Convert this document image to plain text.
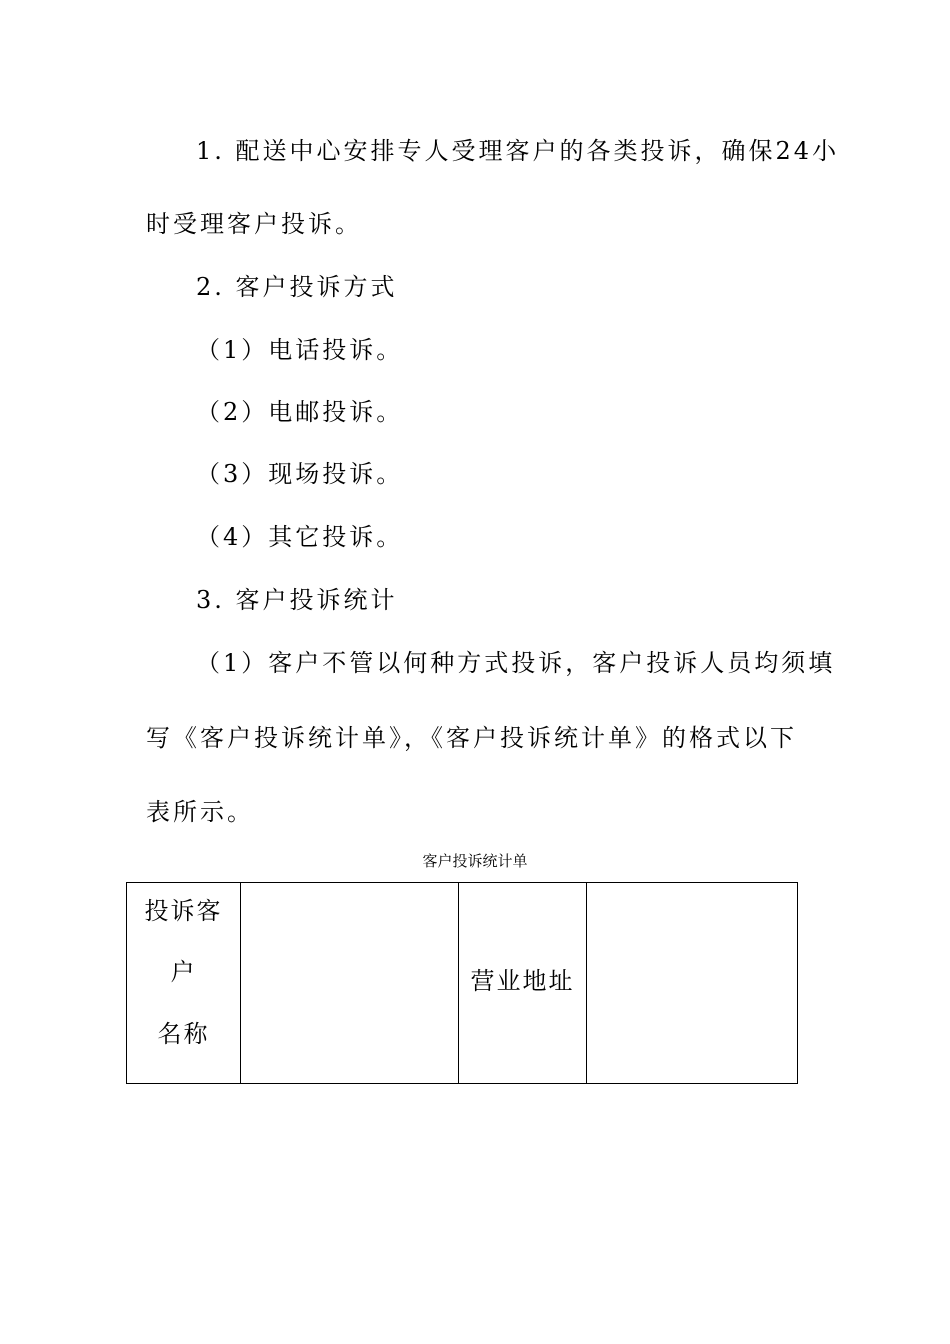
1. 配送中心安排专人受理客户的各类投诉，确保24小
时受理客户投诉。
2. 客户投诉方式
（1）电话投诉。
（2）电邮投诉。
（3）现场投诉。
（4）其它投诉。
3. 客户投诉统计
（1）客户不管以何种方式投诉，客户投诉人员均须填
写《客户投诉统计单》，《客户投诉统计单》的格式以下
表所示。
客户投诉统计单
投诉客
户
名称
		营业地址	
